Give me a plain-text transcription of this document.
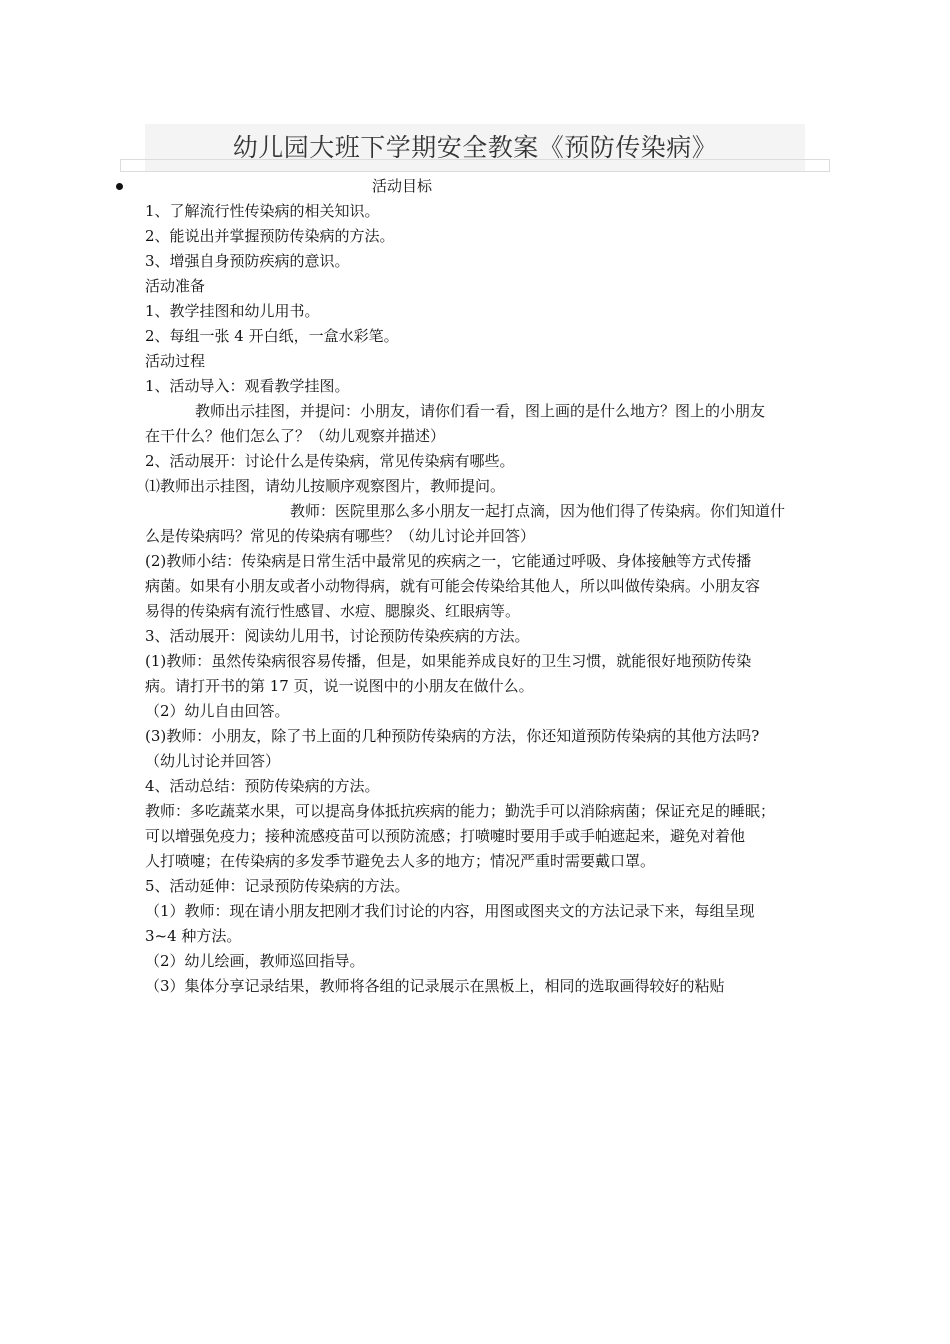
幼儿园大班下学期安全教案《预防传染病》
活动目标
1、了解流行性传染病的相关知识。
2、能说出并掌握预防传染病的方法。
3、增强自身预防疾病的意识。
活动准备
1、教学挂图和幼儿用书。
2、每组一张 4 开白纸，一盒水彩笔。
活动过程
1、活动导入：观看教学挂图。
教师出示挂图，并提问：小朋友，请你们看一看，图上画的是什么地方？图上的小朋友
在干什么？他们怎么了？（幼儿观察并描述）
2、活动展开：讨论什么是传染病，常见传染病有哪些。
⑴教师出示挂图，请幼儿按顺序观察图片，教师提问。
教师：医院里那么多小朋友一起打点滴，因为他们得了传染病。你们知道什
么是传染病吗？常见的传染病有哪些？（幼儿讨论并回答）
(2)教师小结：传染病是日常生活中最常见的疾病之一，它能通过呼吸、身体接触等方式传播
病菌。如果有小朋友或者小动物得病，就有可能会传染给其他人，所以叫做传染病。小朋友容
易得的传染病有流行性感冒、水痘、腮腺炎、红眼病等。
3、活动展开：阅读幼儿用书，讨论预防传染疾病的方法。
(1)教师：虽然传染病很容易传播，但是，如果能养成良好的卫生习惯，就能很好地预防传染
病。请打开书的第 17 页，说一说图中的小朋友在做什么。
（2）幼儿自由回答。
(3)教师：小朋友，除了书上面的几种预防传染病的方法，你还知道预防传染病的其他方法吗?
（幼儿讨论并回答）
4、活动总结：预防传染病的方法。
教师：多吃蔬菜水果，可以提高身体抵抗疾病的能力；勤洗手可以消除病菌；保证充足的睡眠；
可以增强免疫力；接种流感疫苗可以预防流感；打喷嚏时要用手或手帕遮起来，避免对着他
人打喷嚏；在传染病的多发季节避免去人多的地方；情况严重时需要戴口罩。
5、活动延伸：记录预防传染病的方法。
（1）教师：现在请小朋友把刚才我们讨论的内容，用图或图夹文的方法记录下来，每组呈现
3~4 种方法。
（2）幼儿绘画，教师巡回指导。
（3）集体分享记录结果，教师将各组的记录展示在黑板上，相同的选取画得较好的粘贴
